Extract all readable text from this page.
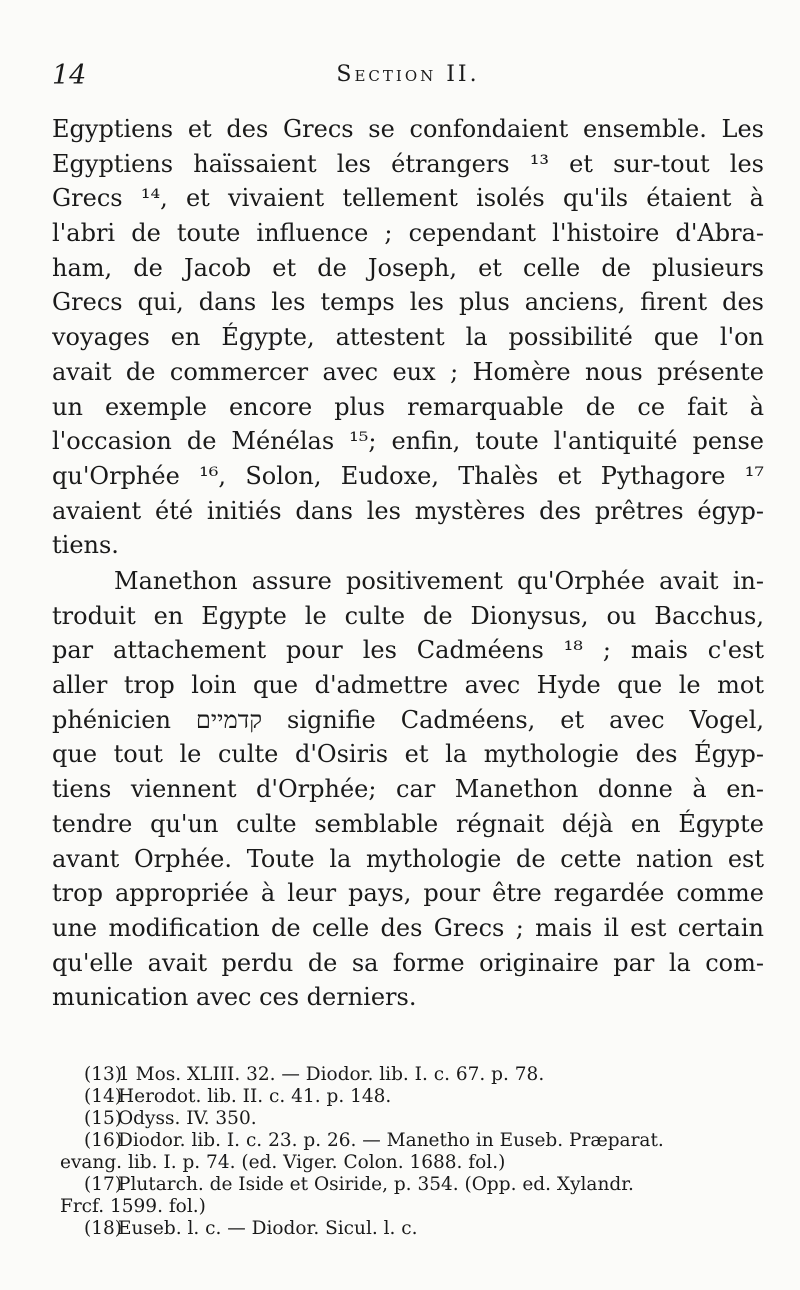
14	Section II.
Egyptiens et des Grecs se confondaient ensemble. Les
Egyptiens haïssaient les étrangers ¹³ et sur-tout les
Grecs ¹⁴, et vivaient tellement isolés qu'ils étaient à
l'abri de toute influence ; cependant l'histoire d'Abra-
ham, de Jacob et de Joseph, et celle de plusieurs
Grecs qui, dans les temps les plus anciens, firent des
voyages en Égypte, attestent la possibilité que l'on
avait de commercer avec eux ; Homère nous présente
un exemple encore plus remarquable de ce fait à
l'occasion de Ménélas ¹⁵; enfin, toute l'antiquité pense
qu'Orphée ¹⁶, Solon, Eudoxe, Thalès et Pythagore ¹⁷
avaient été initiés dans les mystères des prêtres égyp-
tiens.
Manethon assure positivement qu'Orphée avait in-
troduit en Egypte le culte de Dionysus, ou Bacchus,
par attachement pour les Cadméens ¹⁸ ; mais c'est
aller trop loin que d'admettre avec Hyde que le mot
phénicien קדמיים signifie Cadméens, et avec Vogel,
que tout le culte d'Osiris et la mythologie des Égyp-
tiens viennent d'Orphée; car Manethon donne à en-
tendre qu'un culte semblable régnait déjà en Égypte
avant Orphée. Toute la mythologie de cette nation est
trop appropriée à leur pays, pour être regardée comme
une modification de celle des Grecs ; mais il est certain
qu'elle avait perdu de sa forme originaire par la com-
munication avec ces derniers.
(13)1 Mos. XLIII. 32. — Diodor. lib. I. c. 67. p. 78.
(14)Herodot. lib. II. c. 41. p. 148.
(15)Odyss. IV. 350.
(16)Diodor. lib. I. c. 23. p. 26. — Manetho in Euseb. Præparat.
evang. lib. I. p. 74. (ed. Viger. Colon. 1688. fol.)
(17)Plutarch. de Iside et Osiride, p. 354. (Opp. ed. Xylandr.
Frcf. 1599. fol.)
(18)Euseb. l. c. — Diodor. Sicul. l. c.
